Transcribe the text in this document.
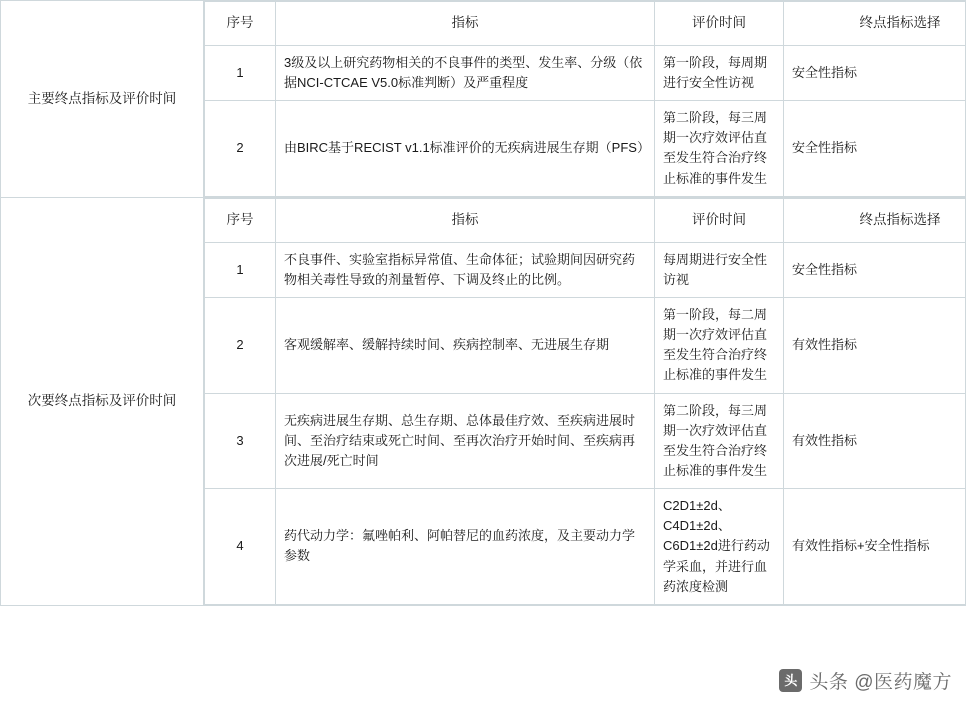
主要终点指标及评价时间	
序号	指标	评价时间	终点指标选择
1	3级及以上研究药物相关的不良事件的类型、发生率、分级（依据NCI-CTCAE V5.0标准判断）及严重程度	第一阶段，每周期进行安全性访视	安全性指标
2	由BIRC基于RECIST v1.1标准评价的无疾病进展生存期（PFS）	第二阶段，每三周期一次疗效评估直至发生符合治疗终止标准的事件发生	安全性指标

次要终点指标及评价时间	
序号	指标	评价时间	终点指标选择
1	不良事件、实验室指标异常值、生命体征；试验期间因研究药物相关毒性导致的剂量暂停、下调及终止的比例。	每周期进行安全性访视	安全性指标
2	客观缓解率、缓解持续时间、疾病控制率、无进展生存期	第一阶段，每二周期一次疗效评估直至发生符合治疗终止标准的事件发生	有效性指标
3	无疾病进展生存期、总生存期、总体最佳疗效、至疾病进展时间、至治疗结束或死亡时间、至再次治疗开始时间、至疾病再次进展/死亡时间	第二阶段，每三周期一次疗效评估直至发生符合治疗终止标准的事件发生	有效性指标
4	药代动力学：氟唑帕利、阿帕替尼的血药浓度，及主要动力学参数	C2D1±2d、C4D1±2d、C6D1±2d进行药动学采血，并进行血药浓度检测	有效性指标+安全性指标
头 头条 @医药魔方
